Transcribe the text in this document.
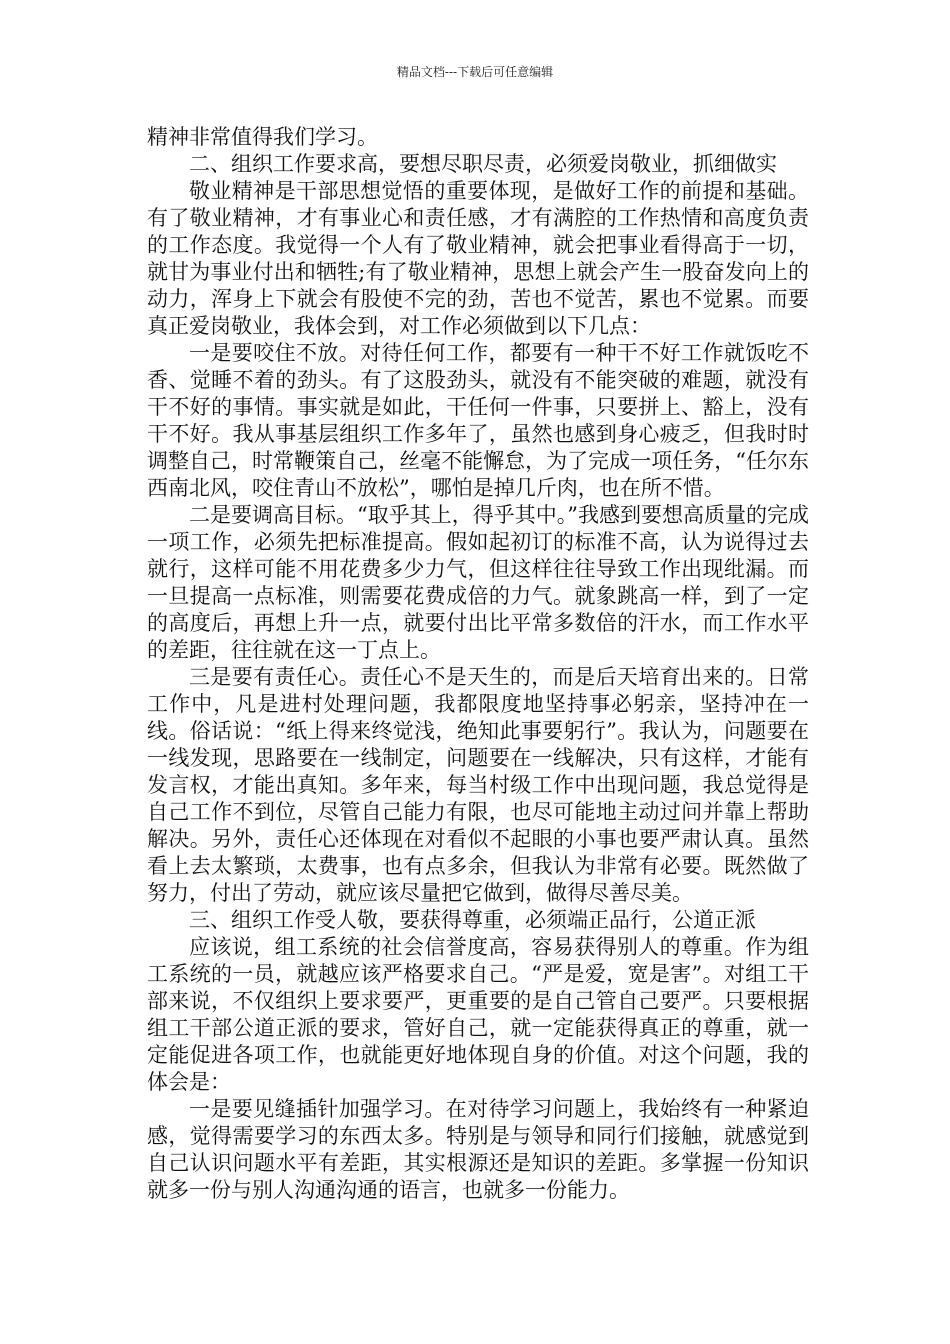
精品文档---下载后可任意编辑

精神非常值得我们学习。

二、组织工作要求高，要想尽职尽责，必须爱岗敬业，抓细做实

敬业精神是干部思想觉悟的重要体现，是做好工作的前提和基础。有了敬业精神，才有事业心和责任感，才有满腔的工作热情和高度负责的工作态度。我觉得一个人有了敬业精神，就会把事业看得高于一切，就甘为事业付出和牺牲;有了敬业精神，思想上就会产生一股奋发向上的动力，浑身上下就会有股使不完的劲，苦也不觉苦，累也不觉累。而要真正爱岗敬业，我体会到，对工作必须做到以下几点：

一是要咬住不放。对待任何工作，都要有一种干不好工作就饭吃不香、觉睡不着的劲头。有了这股劲头，就没有不能突破的难题，就没有干不好的事情。事实就是如此，干任何一件事，只要拼上、豁上，没有干不好。我从事基层组织工作多年了，虽然也感到身心疲乏，但我时时调整自己，时常鞭策自己，丝毫不能懈怠，为了完成一项任务，“任尔东西南北风，咬住青山不放松”，哪怕是掉几斤肉，也在所不惜。

二是要调高目标。“取乎其上，得乎其中。”我感到要想高质量的完成一项工作，必须先把标准提高。假如起初订的标准不高，认为说得过去就行，这样可能不用花费多少力气，但这样往往导致工作出现纰漏。而一旦提高一点标准，则需要花费成倍的力气。就象跳高一样，到了一定的高度后，再想上升一点，就要付出比平常多数倍的汗水，而工作水平的差距，往往就在这一丁点上。

三是要有责任心。责任心不是天生的，而是后天培育出来的。日常工作中，凡是进村处理问题，我都限度地坚持事必躬亲，坚持冲在一线。俗话说：“纸上得来终觉浅，绝知此事要躬行”。我认为，问题要在一线发现，思路要在一线制定，问题要在一线解决，只有这样，才能有发言权，才能出真知。多年来，每当村级工作中出现问题，我总觉得是自己工作不到位，尽管自己能力有限，也尽可能地主动过问并靠上帮助解决。另外，责任心还体现在对看似不起眼的小事也要严肃认真。虽然看上去太繁琐，太费事，也有点多余，但我认为非常有必要。既然做了努力，付出了劳动，就应该尽量把它做到，做得尽善尽美。

三、组织工作受人敬，要获得尊重，必须端正品行，公道正派

应该说，组工系统的社会信誉度高，容易获得别人的尊重。作为组工系统的一员，就越应该严格要求自己。“严是爱，宽是害”。对组工干部来说，不仅组织上要求要严，更重要的是自己管自己要严。只要根据组工干部公道正派的要求，管好自己，就一定能获得真正的尊重，就一定能促进各项工作，也就能更好地体现自身的价值。对这个问题，我的体会是：

一是要见缝插针加强学习。在对待学习问题上，我始终有一种紧迫感，觉得需要学习的东西太多。特别是与领导和同行们接触，就感觉到自己认识问题水平有差距，其实根源还是知识的差距。多掌握一份知识就多一份与别人沟通沟通的语言，也就多一份能力。
